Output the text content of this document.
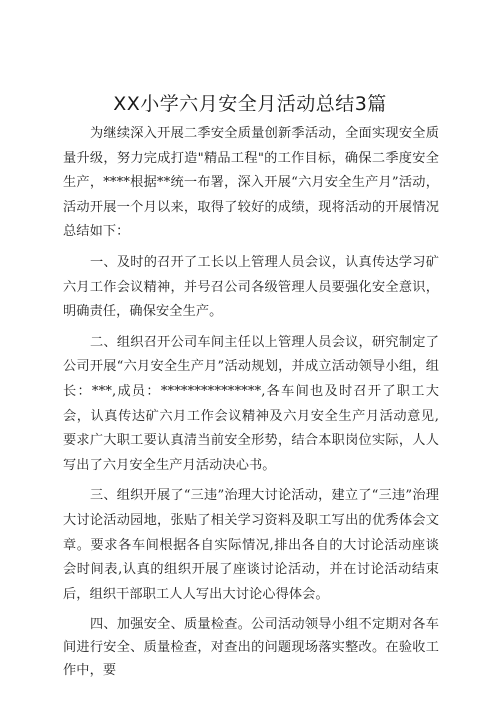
XX小学六月安全月活动总结3篇

为继续深入开展二季安全质量创新季活动，全面实现安全质量升级，努力完成打造"精品工程"的工作目标，确保二季度安全生产，****根据**统一布署，深入开展“六月安全生产月”活动，活动开展一个月以来，取得了较好的成绩，现将活动的开展情况总结如下：

一、及时的召开了工长以上管理人员会议，认真传达学习矿六月工作会议精神，并号召公司各级管理人员要强化安全意识，明确责任，确保安全生产。

二、组织召开公司车间主任以上管理人员会议，研究制定了公司开展“六月安全生产月”活动规划，并成立活动领导小组，组长：***,成员：***************,各车间也及时召开了职工大会，认真传达矿六月工作会议精神及六月安全生产月活动意见,要求广大职工要认真清当前安全形势，结合本职岗位实际，人人写出了六月安全生产月活动决心书。

三、组织开展了“三违”治理大讨论活动，建立了“三违”治理大讨论活动园地，张贴了相关学习资料及职工写出的优秀体会文章。要求各车间根据各自实际情况,排出各自的大讨论活动座谈会时间表,认真的组织开展了座谈讨论活动，并在讨论活动结束后，组织干部职工人人写出大讨论心得体会。

四、加强安全、质量检查。公司活动领导小组不定期对各车间进行安全、质量检查，对查出的问题现场落实整改。在验收工作中，要
